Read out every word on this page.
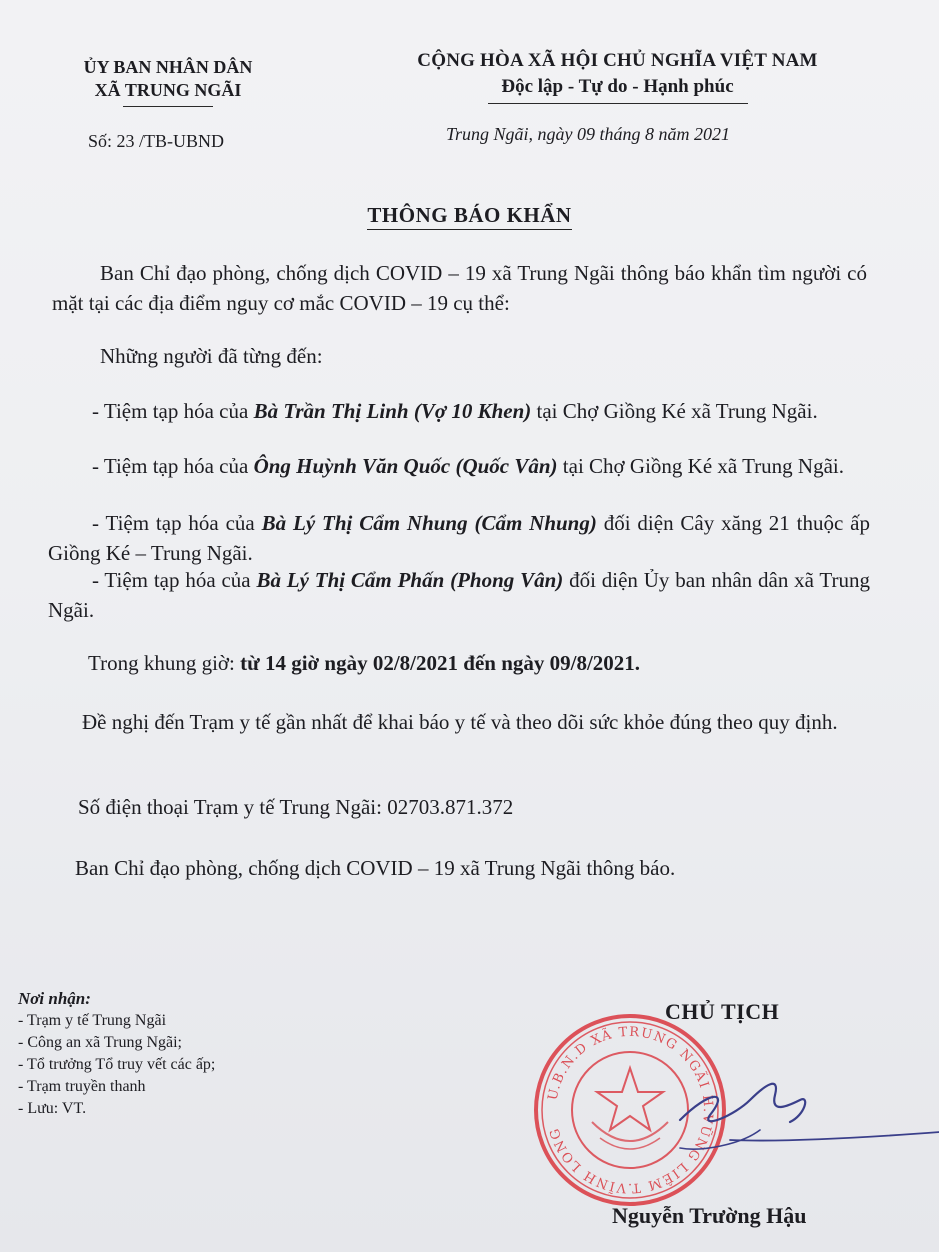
ỦY BAN NHÂN DÂN
XÃ TRUNG NGÃI
CỘNG HÒA XÃ HỘI CHỦ NGHĨA VIỆT NAM
Độc lập - Tự do - Hạnh phúc
Số: 23 /TB-UBND	Trung Ngãi, ngày 09 tháng 8 năm 2021
THÔNG BÁO KHẨN
Ban Chỉ đạo phòng, chống dịch COVID – 19 xã Trung Ngãi thông báo khẩn tìm người có mặt tại các địa điểm nguy cơ mắc COVID – 19 cụ thể:
Những người đã từng đến:
- Tiệm tạp hóa của Bà Trần Thị Linh (Vợ 10 Khen) tại Chợ Giồng Ké xã Trung Ngãi.
- Tiệm tạp hóa của Ông Huỳnh Văn Quốc (Quốc Vân) tại Chợ Giồng Ké xã Trung Ngãi.
- Tiệm tạp hóa của Bà Lý Thị Cẩm Nhung (Cẩm Nhung) đối diện Cây xăng 21 thuộc ấp Giồng Ké – Trung Ngãi.
- Tiệm tạp hóa của Bà Lý Thị Cẩm Phấn (Phong Vân) đối diện Ủy ban nhân dân xã Trung Ngãi.
Trong khung giờ: từ 14 giờ ngày 02/8/2021 đến ngày 09/8/2021.
Đề nghị đến Trạm y tế gần nhất để khai báo y tế và theo dõi sức khỏe đúng theo quy định.
Số điện thoại Trạm y tế Trung Ngãi: 02703.871.372
Ban Chỉ đạo phòng, chống dịch COVID – 19 xã Trung Ngãi thông báo.
Nơi nhận:
- Trạm y tế Trung Ngãi
- Công an xã Trung Ngãi;
- Tổ trưởng Tổ truy vết các ấp;
- Trạm truyền thanh
- Lưu: VT.
CHỦ TỊCH
U.B.N.D XÃ TRUNG NGÃI H.VŨNG LIÊM T.VĨNH LONG
Nguyễn Trường Hậu
